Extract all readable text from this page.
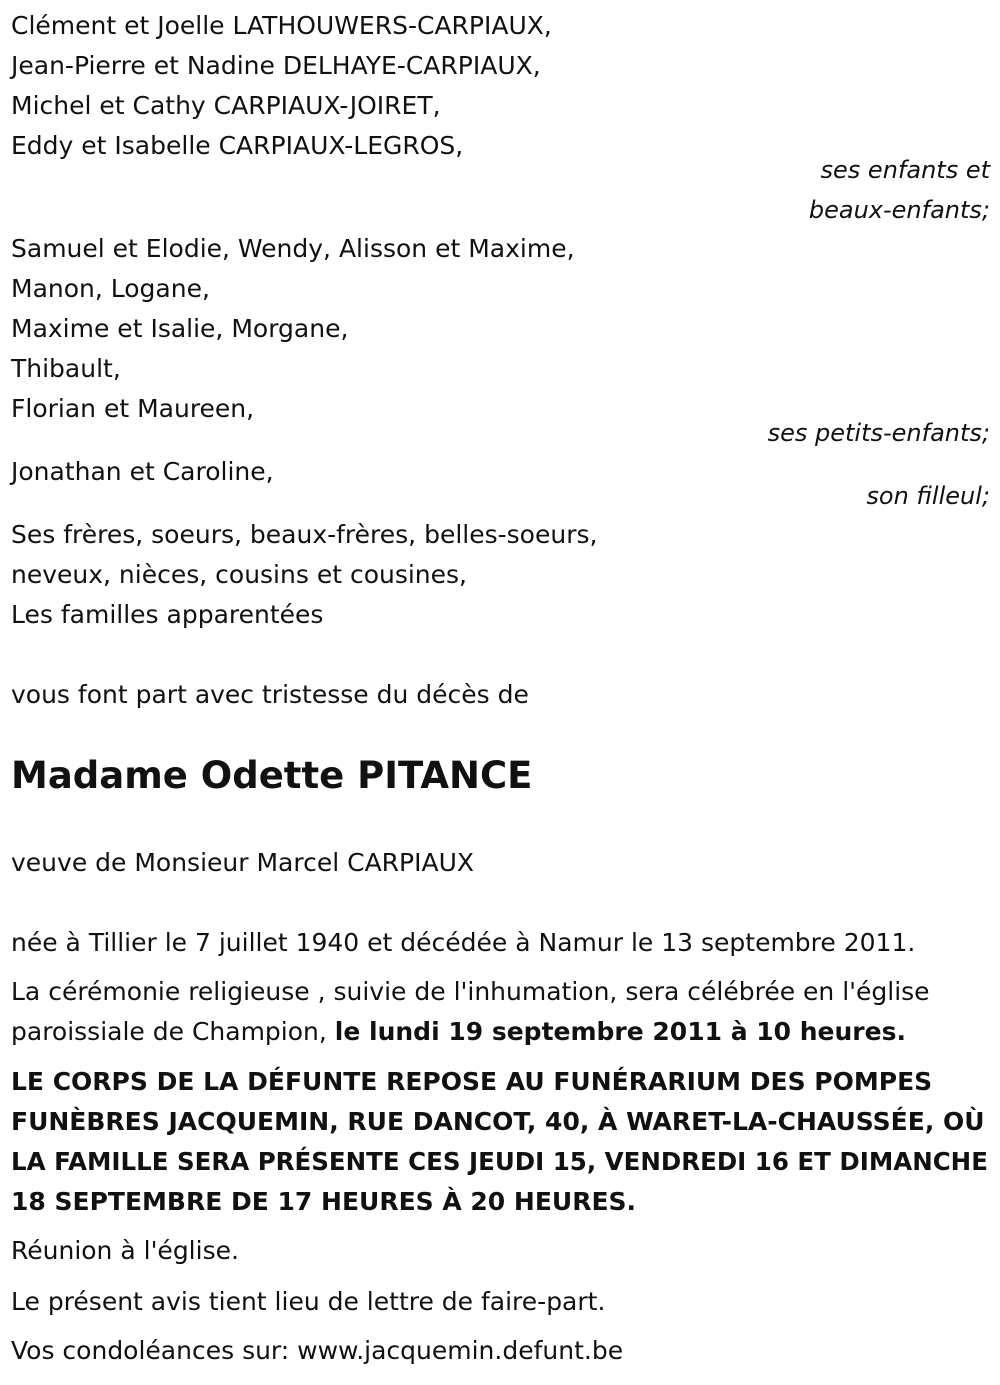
Clément et Joelle LATHOUWERS-CARPIAUX,
Jean-Pierre et Nadine DELHAYE-CARPIAUX,
Michel et Cathy CARPIAUX-JOIRET,
Eddy et Isabelle CARPIAUX-LEGROS,
ses enfants et
beaux-enfants;
Samuel et Elodie, Wendy, Alisson et Maxime,
Manon, Logane,
Maxime et Isalie, Morgane,
Thibault,
Florian et Maureen,
ses petits-enfants;
Jonathan et Caroline,
son filleul;
Ses frères, soeurs, beaux-frères, belles-soeurs,
neveux, nièces, cousins et cousines,
Les familles apparentées
vous font part avec tristesse du décès de
Madame Odette PITANCE
veuve de Monsieur Marcel CARPIAUX
née à Tillier le 7 juillet 1940 et décédée à Namur le 13 septembre 2011.
La cérémonie religieuse , suivie de l'inhumation, sera célébrée en l'église
paroissiale de Champion, le lundi 19 septembre 2011 à 10 heures.
LE CORPS DE LA DÉFUNTE REPOSE AU FUNÉRARIUM DES POMPES
FUNÈBRES JACQUEMIN, RUE DANCOT, 40, À WARET-LA-CHAUSSÉE, OÙ
LA FAMILLE SERA PRÉSENTE CES JEUDI 15, VENDREDI 16 ET DIMANCHE
18 SEPTEMBRE DE 17 HEURES À 20 HEURES.
Réunion à l'église.
Le présent avis tient lieu de lettre de faire-part.
Vos condoléances sur: www.jacquemin.defunt.be
